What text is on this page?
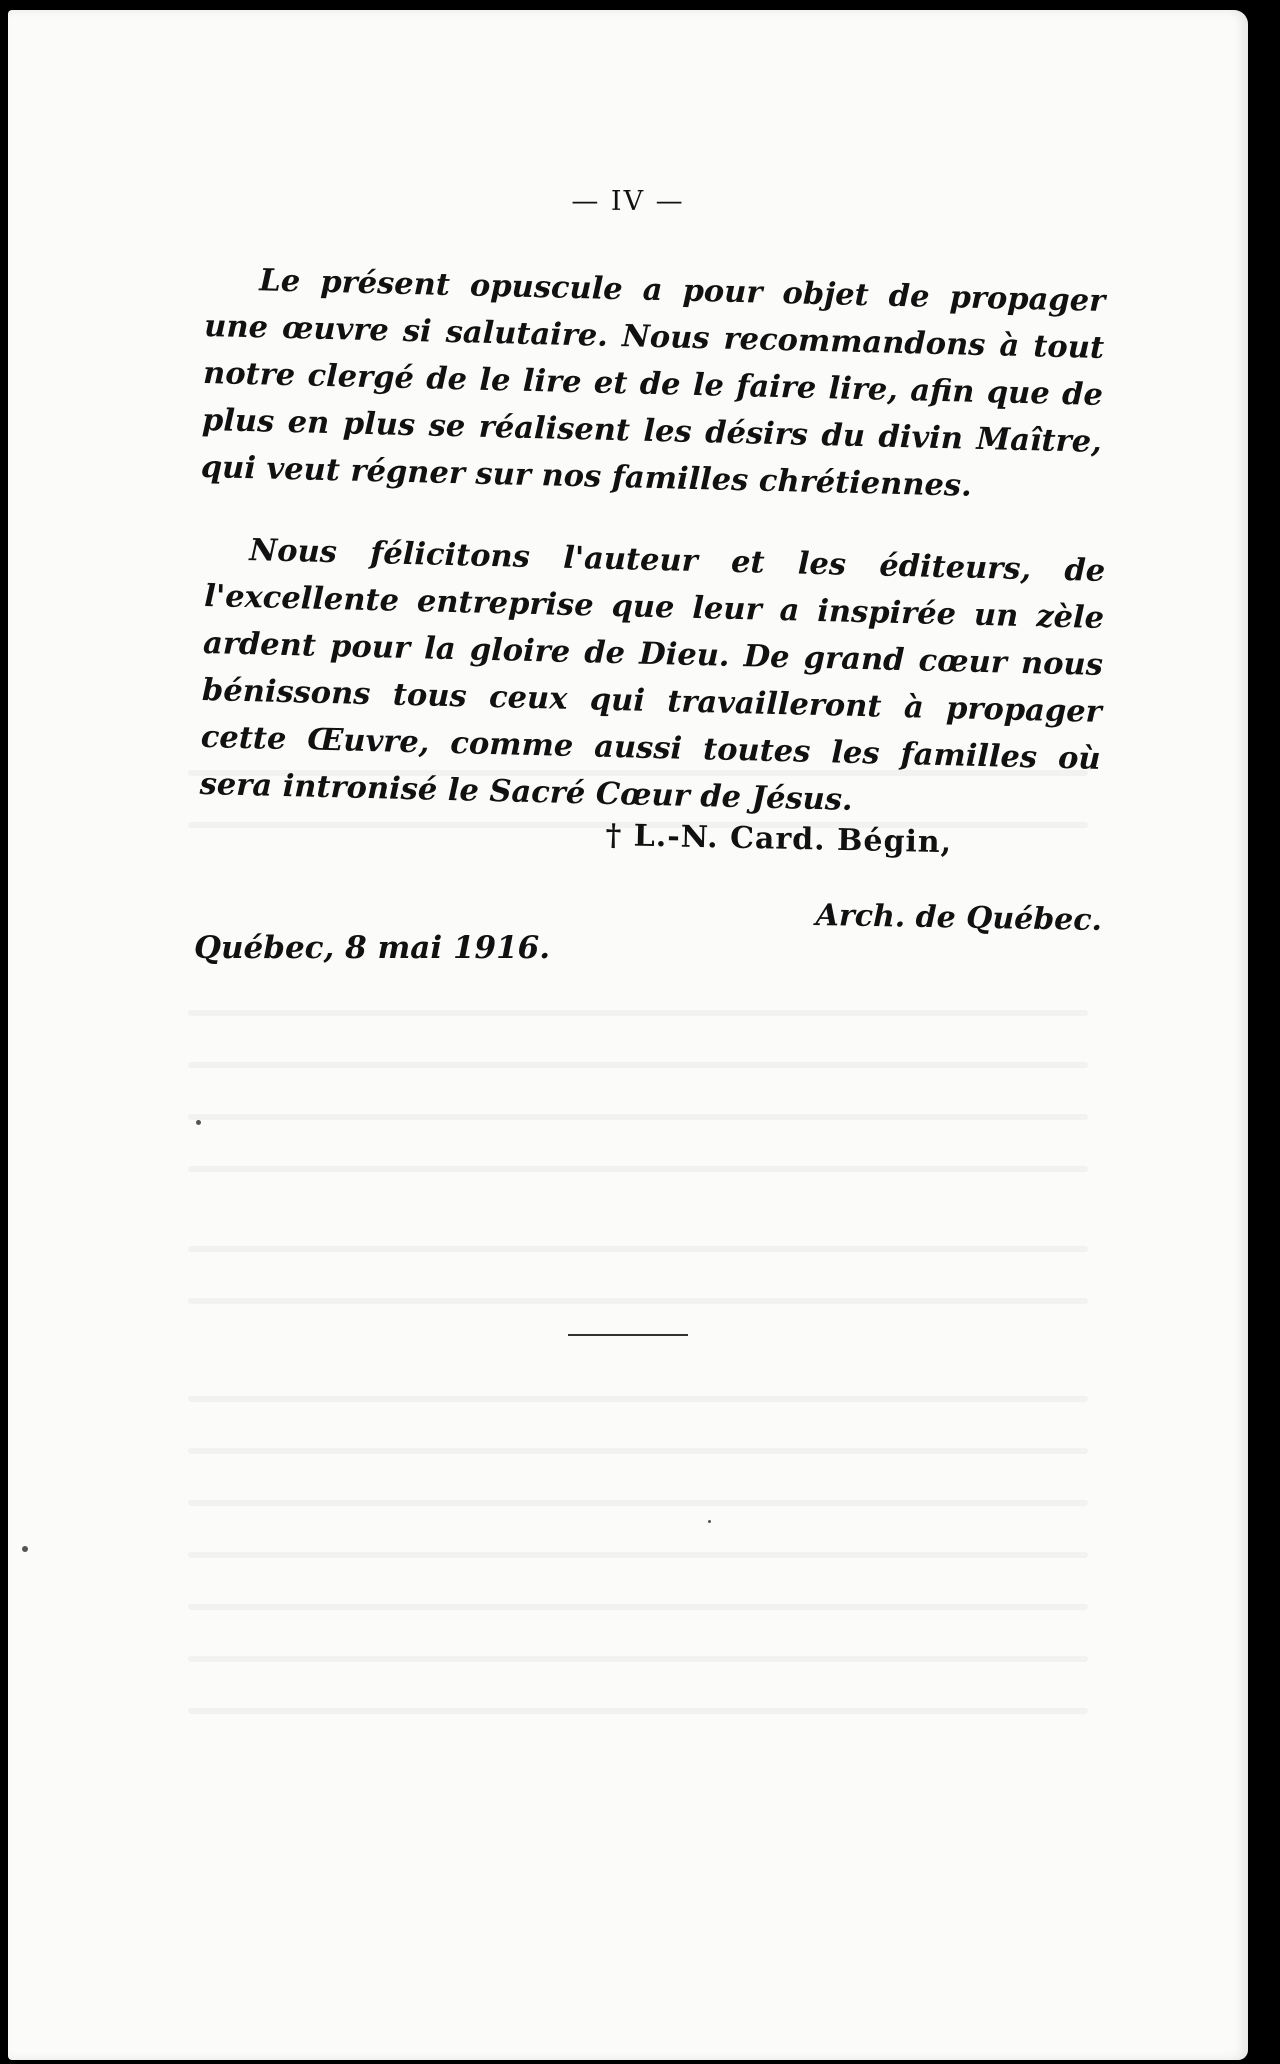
— IV —

Le présent opuscule a pour objet de propager une œuvre si salutaire. Nous recommandons à tout notre clergé de le lire et de le faire lire, afin que de plus en plus se réalisent les désirs du divin Maître, qui veut régner sur nos familles chrétiennes.

Nous félicitons l'auteur et les éditeurs, de l'excellente entreprise que leur a inspirée un zèle ardent pour la gloire de Dieu. De grand cœur nous bénissons tous ceux qui travailleront à propager cette Œuvre, comme aussi toutes les familles où sera intronisé le Sacré Cœur de Jésus.

† L.-N. Card. Bégin,
Arch. de Québec.
Québec, 8 mai 1916.
